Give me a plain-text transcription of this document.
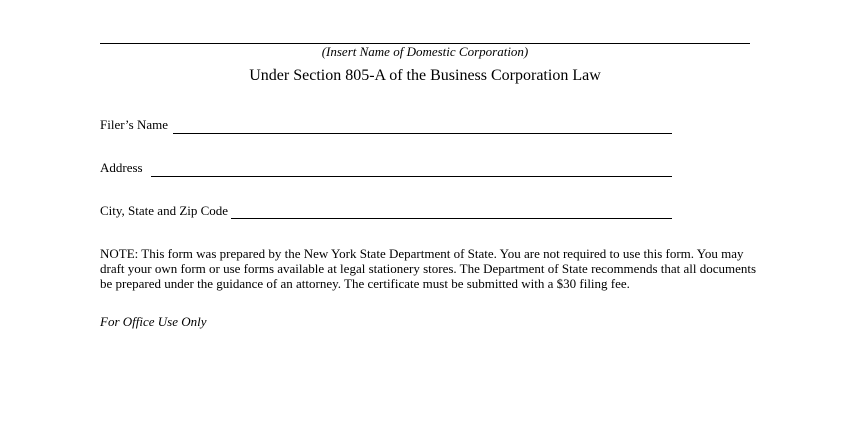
(Insert Name of Domestic Corporation)
Under Section 805-A of the Business Corporation Law
Filer’s Name
Address
City, State and Zip Code
NOTE: This form was prepared by the New York State Department of State. You are not required to use this form. You may draft your own form or use forms available at legal stationery stores. The Department of State recommends that all documents be prepared under the guidance of an attorney. The certificate must be submitted with a $30 filing fee.
For Office Use Only
